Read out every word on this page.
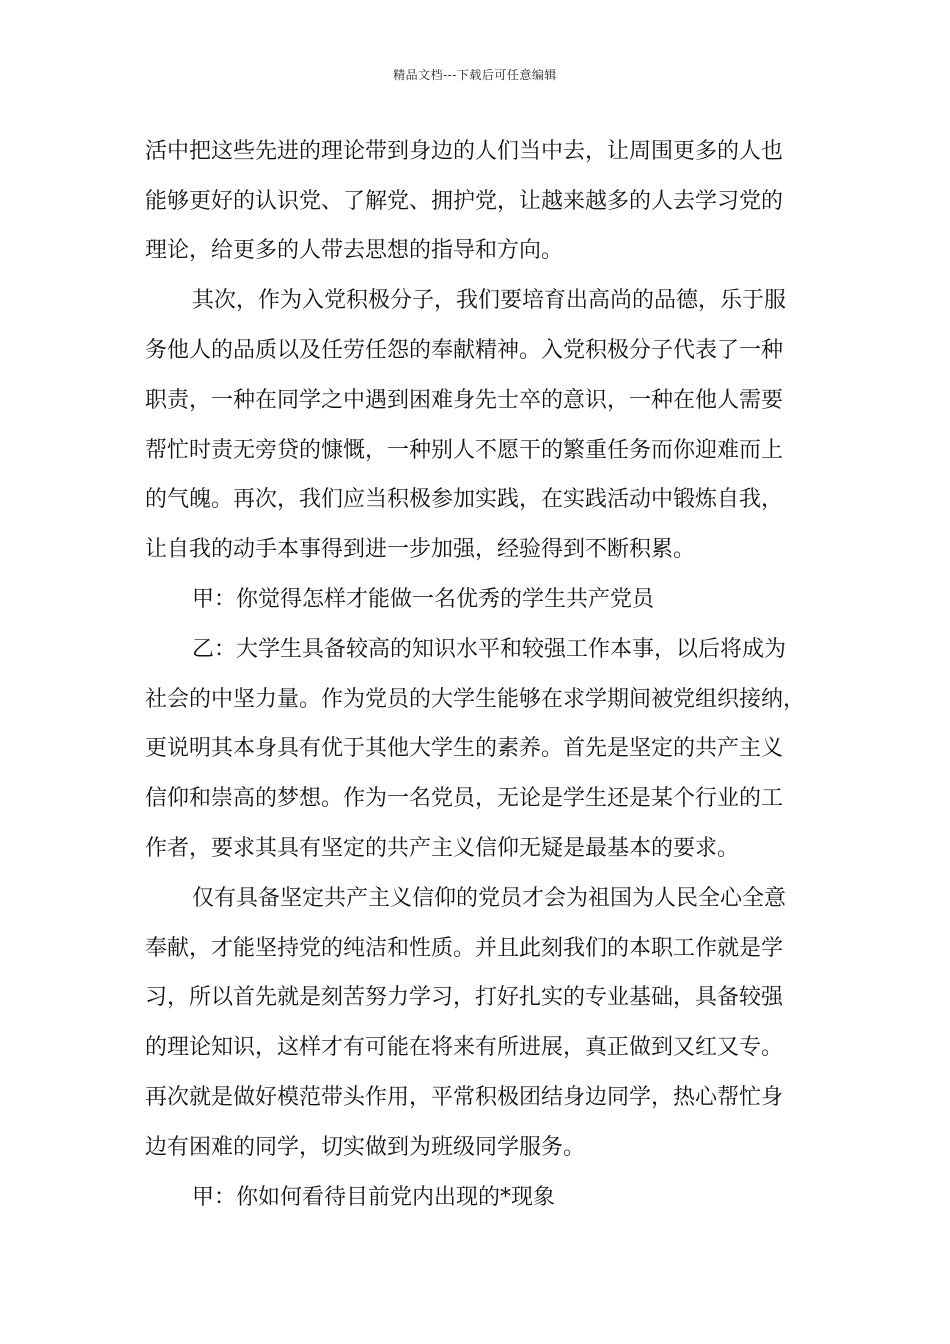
精品文档---下载后可任意编辑
活中把这些先进的理论带到身边的人们当中去，让周围更多的人也
能够更好的认识党、了解党、拥护党，让越来越多的人去学习党的
理论，给更多的人带去思想的指导和方向。
其次，作为入党积极分子，我们要培育出高尚的品德，乐于服
务他人的品质以及任劳任怨的奉献精神。入党积极分子代表了一种
职责，一种在同学之中遇到困难身先士卒的意识，一种在他人需要
帮忙时责无旁贷的慷慨，一种别人不愿干的繁重任务而你迎难而上
的气魄。再次，我们应当积极参加实践，在实践活动中锻炼自我，
让自我的动手本事得到进一步加强，经验得到不断积累。
甲：你觉得怎样才能做一名优秀的学生共产党员
乙：大学生具备较高的知识水平和较强工作本事，以后将成为
社会的中坚力量。作为党员的大学生能够在求学期间被党组织接纳，
更说明其本身具有优于其他大学生的素养。首先是坚定的共产主义
信仰和崇高的梦想。作为一名党员，无论是学生还是某个行业的工
作者，要求其具有坚定的共产主义信仰无疑是最基本的要求。
仅有具备坚定共产主义信仰的党员才会为祖国为人民全心全意
奉献，才能坚持党的纯洁和性质。并且此刻我们的本职工作就是学
习，所以首先就是刻苦努力学习，打好扎实的专业基础，具备较强
的理论知识，这样才有可能在将来有所进展，真正做到又红又专。
再次就是做好模范带头作用，平常积极团结身边同学，热心帮忙身
边有困难的同学，切实做到为班级同学服务。
甲：你如何看待目前党内出现的*现象
